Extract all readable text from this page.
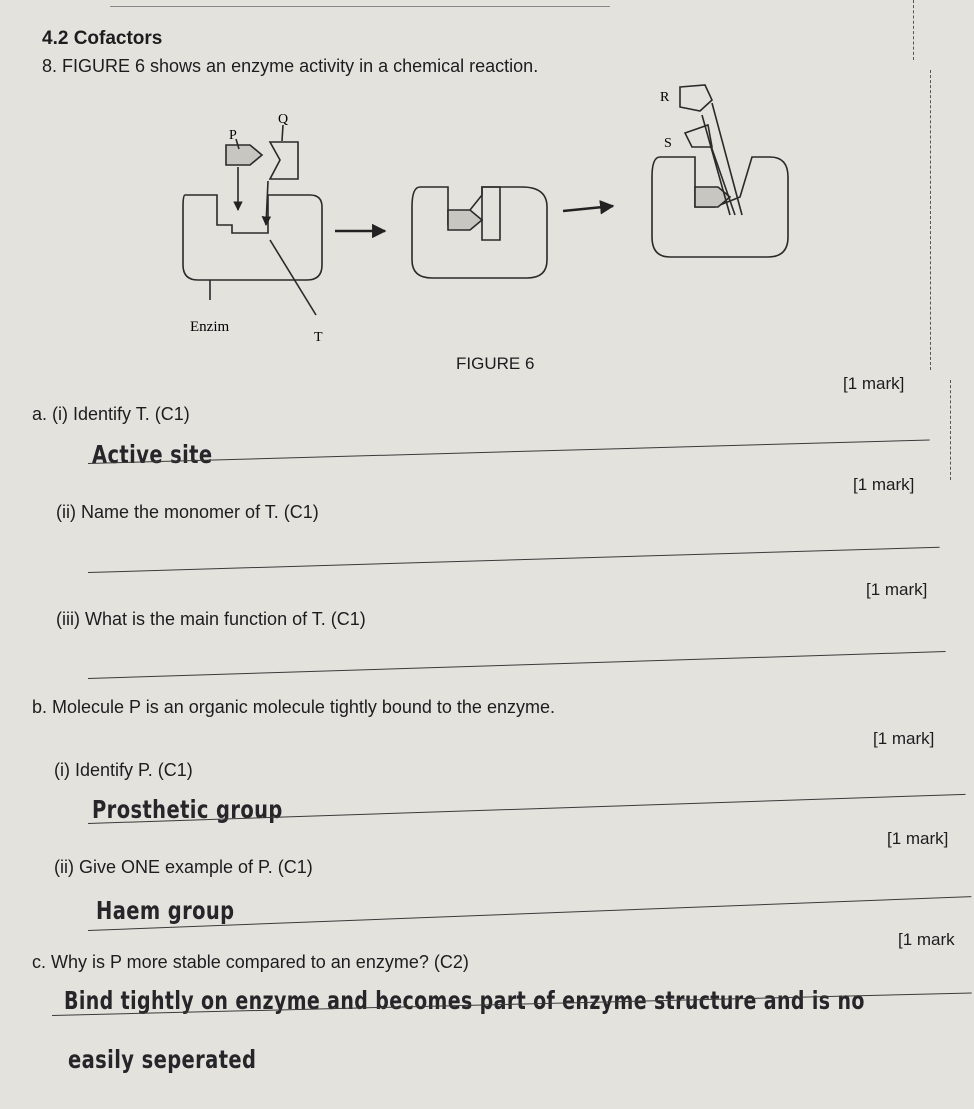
4.2 Cofactors
8. FIGURE 6 shows an enzyme activity in a chemical reaction.
P
Q
Enzim
T
R
S
FIGURE 6
[1 mark]
a. (i) Identify T. (C1)
Active site
[1 mark]
(ii) Name the monomer of T. (C1)
[1 mark]
(iii) What is the main function of T. (C1)
b. Molecule P is an organic molecule tightly bound to the enzyme.
[1 mark]
(i) Identify P. (C1)
Prosthetic group
[1 mark]
(ii) Give ONE example of P. (C1)
Haem group
[1 mark
c. Why is P more stable compared to an enzyme? (C2)
Bind tightly on enzyme and becomes part of enzyme structure and is no
easily seperated
